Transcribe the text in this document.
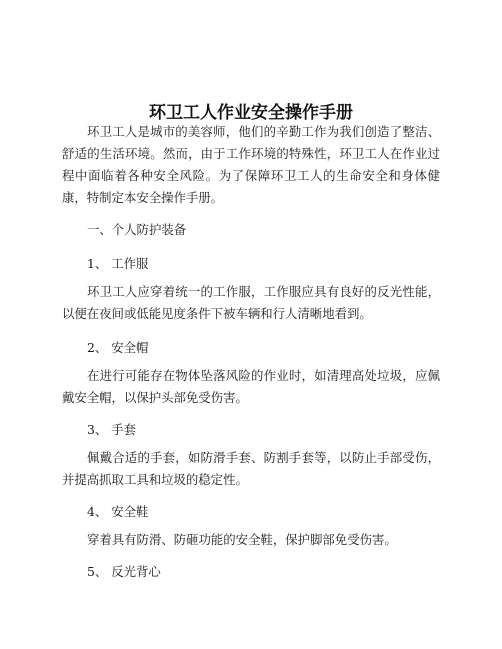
环卫工人作业安全操作手册

环卫工人是城市的美容师，他们的辛勤工作为我们创造了整洁、舒适的生活环境。然而，由于工作环境的特殊性，环卫工人在作业过程中面临着各种安全风险。为了保障环卫工人的生命安全和身体健康，特制定本安全操作手册。

一、个人防护装备

1、 工作服

环卫工人应穿着统一的工作服，工作服应具有良好的反光性能，以便在夜间或低能见度条件下被车辆和行人清晰地看到。

2、 安全帽

在进行可能存在物体坠落风险的作业时，如清理高处垃圾，应佩戴安全帽，以保护头部免受伤害。

3、 手套

佩戴合适的手套，如防滑手套、防割手套等，以防止手部受伤，并提高抓取工具和垃圾的稳定性。

4、 安全鞋

穿着具有防滑、防砸功能的安全鞋，保护脚部免受伤害。

5、 反光背心
